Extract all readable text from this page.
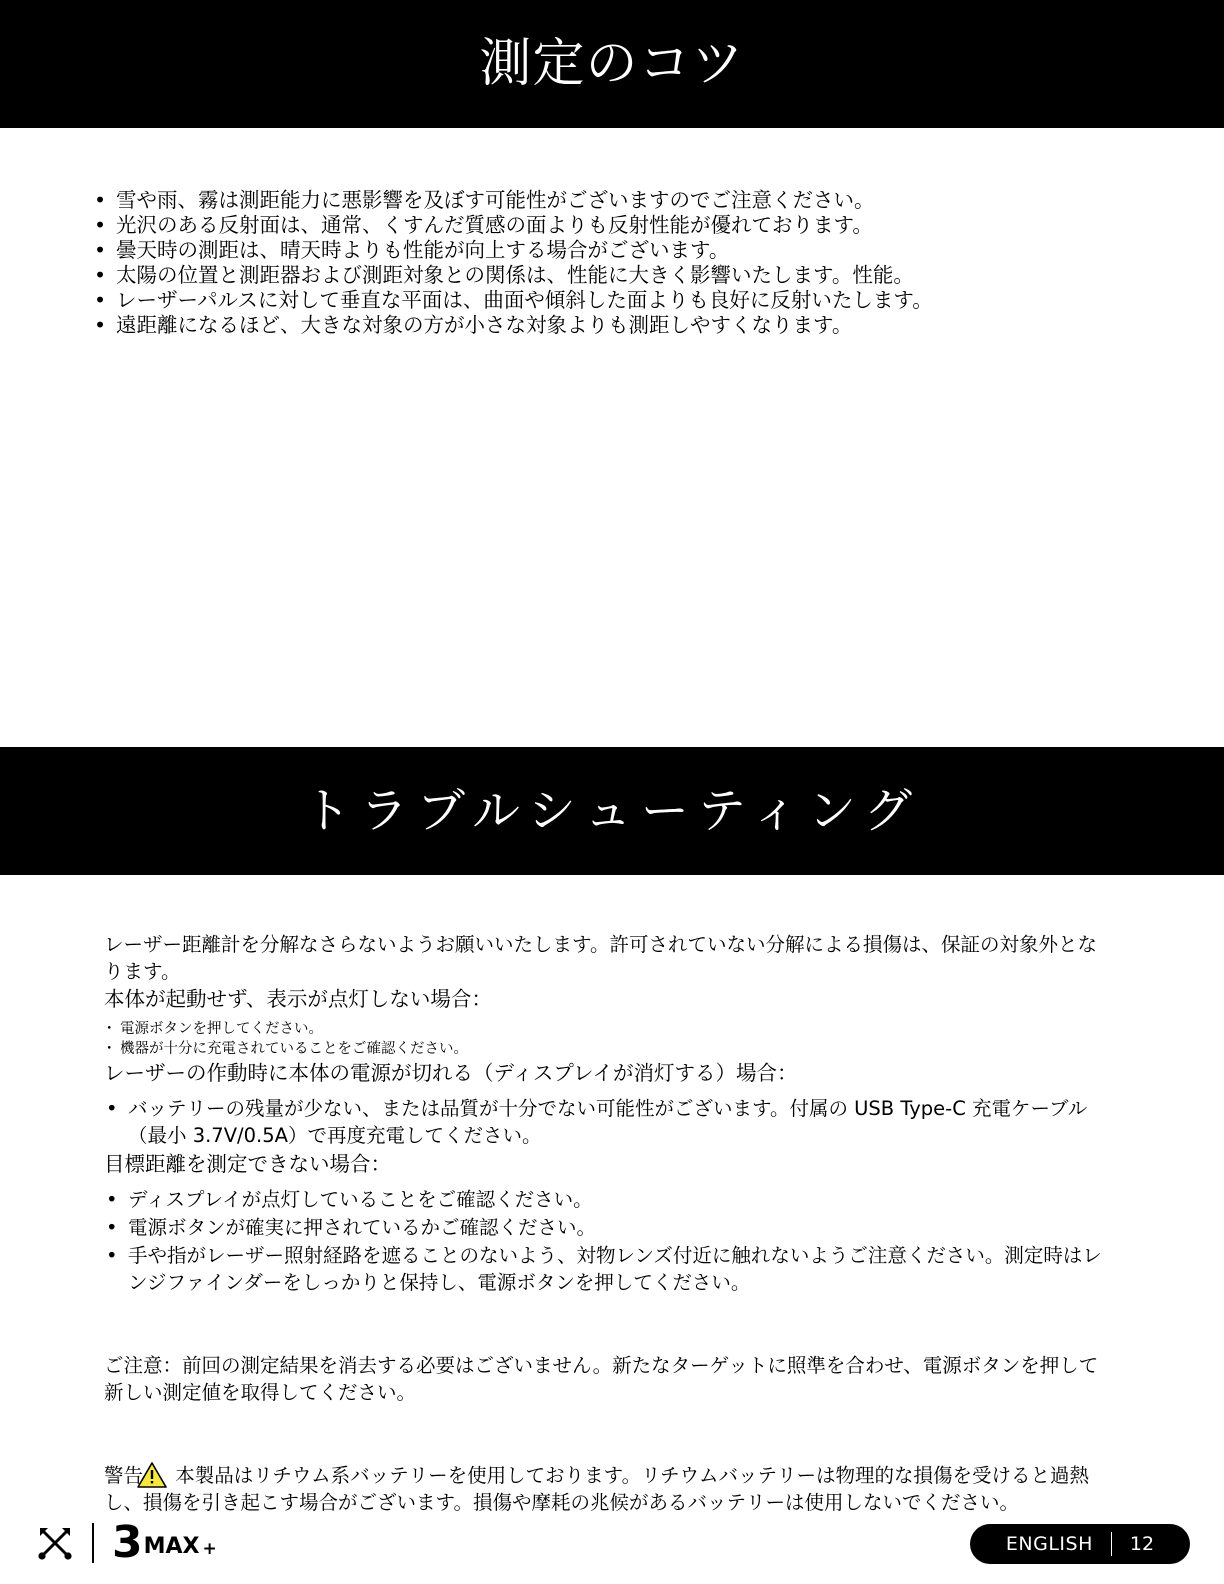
測定のコツ
• 雪や雨、霧は測距能力に悪影響を及ぼす可能性がございますのでご注意ください。
• 光沢のある反射面は、通常、くすんだ質感の面よりも反射性能が優れております。
• 曇天時の測距は、晴天時よりも性能が向上する場合がございます。
• 太陽の位置と測距器および測距対象との関係は、性能に大きく影響いたします。性能。
• レーザーパルスに対して垂直な平面は、曲面や傾斜した面よりも良好に反射いたします。
• 遠距離になるほど、大きな対象の方が小さな対象よりも測距しやすくなります。
トラブルシューティング

レーザー距離計を分解なさらないようお願いいたします。許可されていない分解による損傷は、保証の対象外となります。

本体が起動せず、表示が点灯しない場合：

・ 電源ボタンを押してください。
・ 機器が十分に充電されていることをご確認ください。

レーザーの作動時に本体の電源が切れる（ディスプレイが消灯する）場合：

• バッテリーの残量が少ない、または品質が十分でない可能性がございます。付属の USB Type-C 充電ケーブル（最小 3.7V/0.5A）で再度充電してください。

目標距離を測定できない場合：

• ディスプレイが点灯していることをご確認ください。
• 電源ボタンが確実に押されているかご確認ください。
• 手や指がレーザー照射経路を遮ることのないよう、対物レンズ付近に触れないようご注意ください。測定時はレンジファインダーをしっかりと保持し、電源ボタンを押してください。

ご注意：前回の測定結果を消去する必要はございません。新たなターゲットに照準を合わせ、電源ボタンを押して新しい測定値を取得してください。

警告 本製品はリチウム系バッテリーを使用しております。リチウムバッテリーは物理的な損傷を受けると過熱し、損傷を引き起こす場合がございます。損傷や摩耗の兆候があるバッテリーは使用しないでください。
3 MAX +	ENGLISH	12
